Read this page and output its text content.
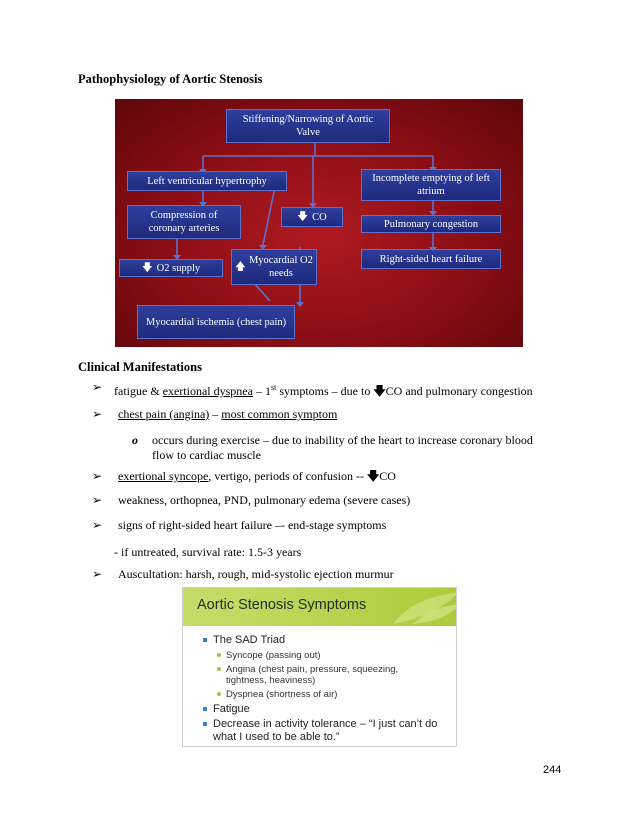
Pathophysiology of Aortic Stenosis
Stiffening/Narrowing of Aortic Valve
Left ventricular hypertrophy	Incomplete emptying of left atrium
Compression of coronary arteries
🡇 CO
Pulmonary congestion
🡇 O2 supply	🡅
Myocardial O2 needs
Right-sided heart failure
Myocardial ischemia (chest pain)
Clinical Manifestations
➢ fatigue & exertional dyspnea – 1st symptoms – due to 🡇CO and pulmonary congestion
➢ chest pain (angina) – most common symptom
o occurs during exercise – due to inability of the heart to increase coronary blood flow to cardiac muscle
➢ exertional syncope, vertigo, periods of confusion -- 🡇CO
➢ weakness, orthopnea, PND, pulmonary edema (severe cases)
➢ signs of right-sided heart failure –- end-stage symptoms
- if untreated, survival rate: 1.5-3 years
➢ Auscultation: harsh, rough, mid-systolic ejection murmur
Aortic Stenosis Symptoms
The SAD Triad
Syncope (passing out)
Angina (chest pain, pressure, squeezing,
tightness, heaviness)
Dyspnea (shortness of air)
Fatigue
Decrease in activity tolerance – “I just can’t do
what I used to be able to.”
244
